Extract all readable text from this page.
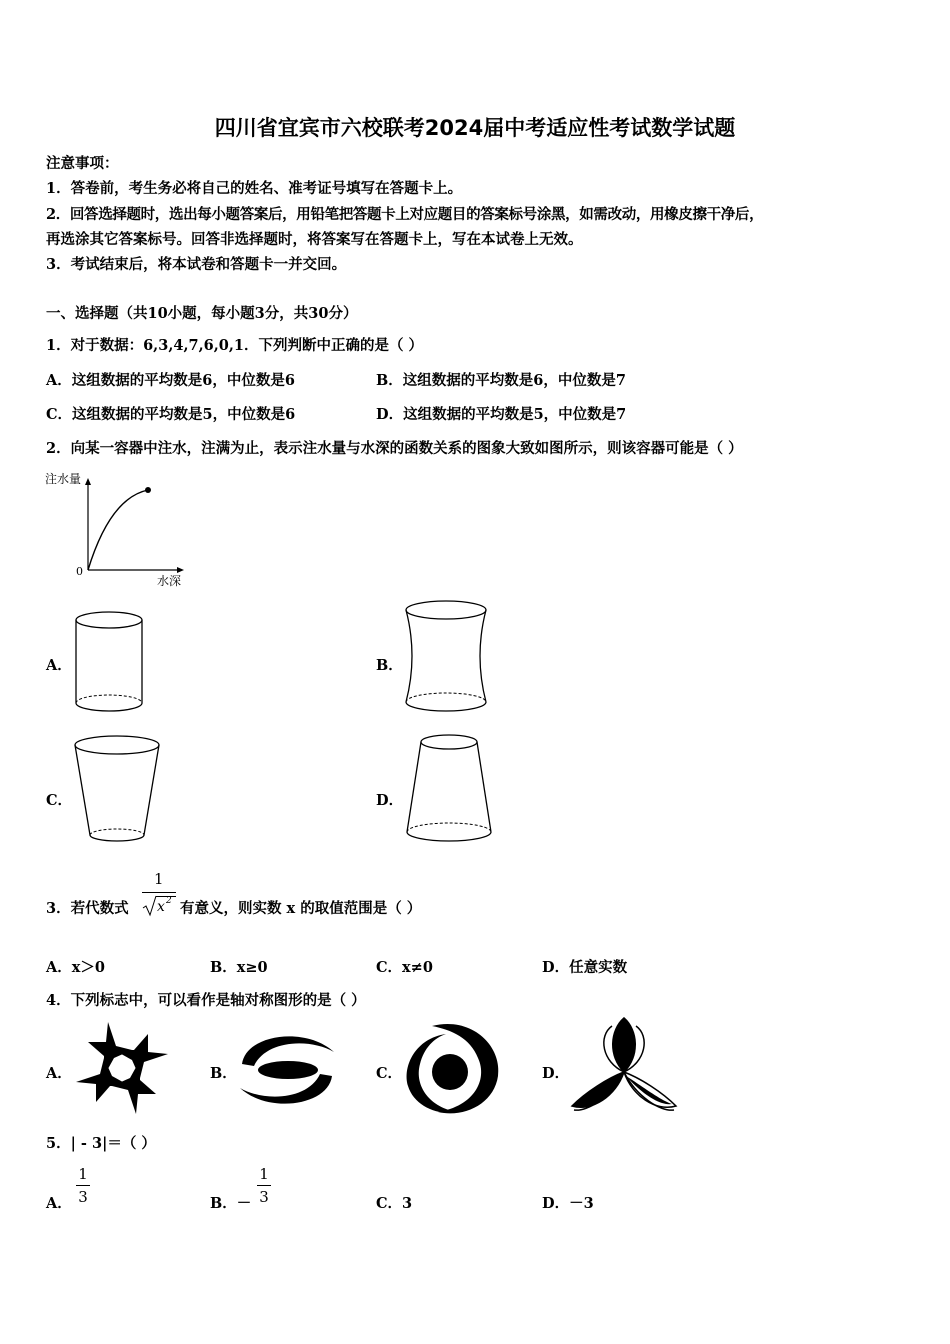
四川省宜宾市六校联考2024届中考适应性考试数学试题
注意事项：
1．答卷前，考生务必将自己的姓名、准考证号填写在答题卡上。
2．回答选择题时，选出每小题答案后，用铅笔把答题卡上对应题目的答案标号涂黑，如需改动，用橡皮擦干净后，
再选涂其它答案标号。回答非选择题时，将答案写在答题卡上，写在本试卷上无效。
3．考试结束后，将本试卷和答题卡一并交回。
一、选择题（共10小题，每小题3分，共30分）
1．对于数据：6,3,4,7,6,0,1．下列判断中正确的是（ ）
A．这组数据的平均数是6，中位数是6	B．这组数据的平均数是6，中位数是7
C．这组数据的平均数是5，中位数是6	D．这组数据的平均数是5，中位数是7
2．向某一容器中注水，注满为止，表示注水量与水深的函数关系的图象大致如图所示，则该容器可能是（ ）
注水量
水深
0
A．	B．
C．	D．
3．若代数式
1
x 2 有意义，则实数 x 的取值范围是（ ）
A．x＞0	B．x≥0	C．x≠0	D．任意实数
4．下列标志中，可以看作是轴对称图形的是（ ）
A．	B．	C．	D．
5．| - 3|＝（ ）
A．
1
3	B．－
1
3	C．3	D．－3
